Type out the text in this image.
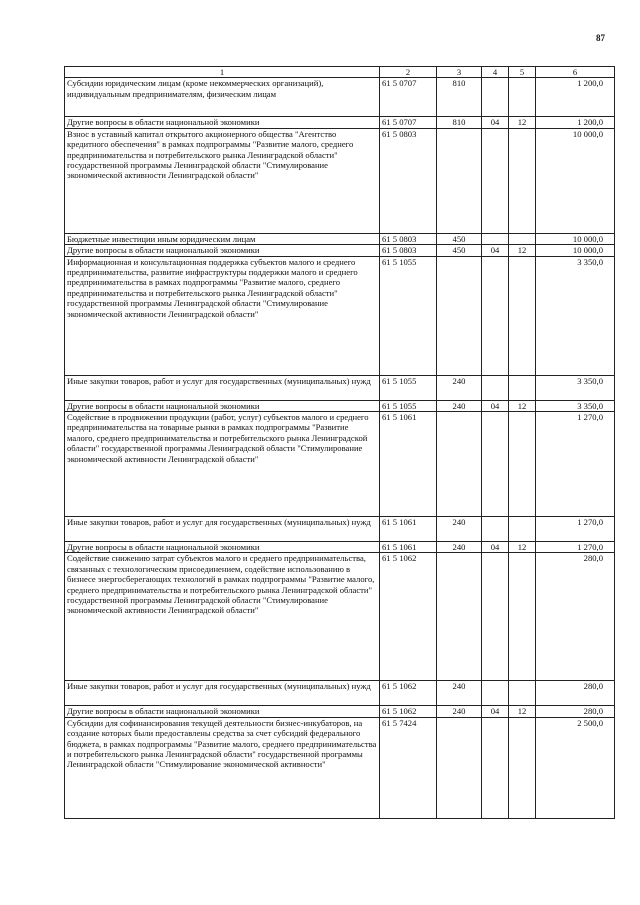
87
1	2	3	4	5	6
Субсидии юридическим лицам (кроме некоммерческих организаций), индивидуальным предпринимателям, физическим лицам	61 5 0707	810			1 200,0
Другие вопросы в области национальной экономики	61 5 0707	810	04	12	1 200,0
Взнос в уставный капитал открытого акционерного общества "Агентство кредитного обеспечения" в рамках подпрограммы "Развитие малого, среднего предпринимательства и потребительского рынка Ленинградской области" государственной программы Ленинградской области "Стимулирование экономической активности Ленинградской области"	61 5 0803				10 000,0
Бюджетные инвестиции иным юридическим лицам	61 5 0803	450			10 000,0
Другие вопросы в области национальной экономики	61 5 0803	450	04	12	10 000,0
Информационная и консультационная поддержка субъектов малого и среднего предпринимательства, развитие инфраструктуры поддержки малого и среднего предпринимательства в рамках подпрограммы "Развитие малого, среднего предпринимательства и потребительского рынка Ленинградской области" государственной программы Ленинградской области "Стимулирование экономической активности Ленинградской области"	61 5 1055				3 350,0
Иные закупки товаров, работ и услуг для государственных (муниципальных) нужд	61 5 1055	240			3 350,0
Другие вопросы в области национальной экономики	61 5 1055	240	04	12	3 350,0
Содействие в продвижении продукции (работ, услуг) субъектов малого и среднего предпринимательства на товарные рынки в рамках подпрограммы "Развитие малого, среднего предпринимательства и потребительского рынка Ленинградской области" государственной программы Ленинградской области "Стимулирование экономической активности Ленинградской области"	61 5 1061				1 270,0
Иные закупки товаров, работ и услуг для государственных (муниципальных) нужд	61 5 1061	240			1 270,0
Другие вопросы в области национальной экономики	61 5 1061	240	04	12	1 270,0
Содействие снижению затрат субъектов малого и среднего предпринимательства, связанных с технологическим присоединением, содействие использованию в бизнесе энергосберегающих технологий в рамках подпрограммы "Развитие малого, среднего предпринимательства и потребительского рынка Ленинградской области" государственной программы Ленинградской области "Стимулирование экономической активности Ленинградской области"	61 5 1062				280,0
Иные закупки товаров, работ и услуг для государственных (муниципальных) нужд	61 5 1062	240			280,0
Другие вопросы в области национальной экономики	61 5 1062	240	04	12	280,0
Субсидии для софинансирования текущей деятельности бизнес-инкубаторов, на создание которых были предоставлены средства за счет субсидий федерального бюджета, в рамках подпрограммы "Развитие малого, среднего предпринимательства и потребительского рынка Ленинградской области" государственной программы Ленинградской области "Стимулирование экономической активности"	61 5 7424				2 500,0
